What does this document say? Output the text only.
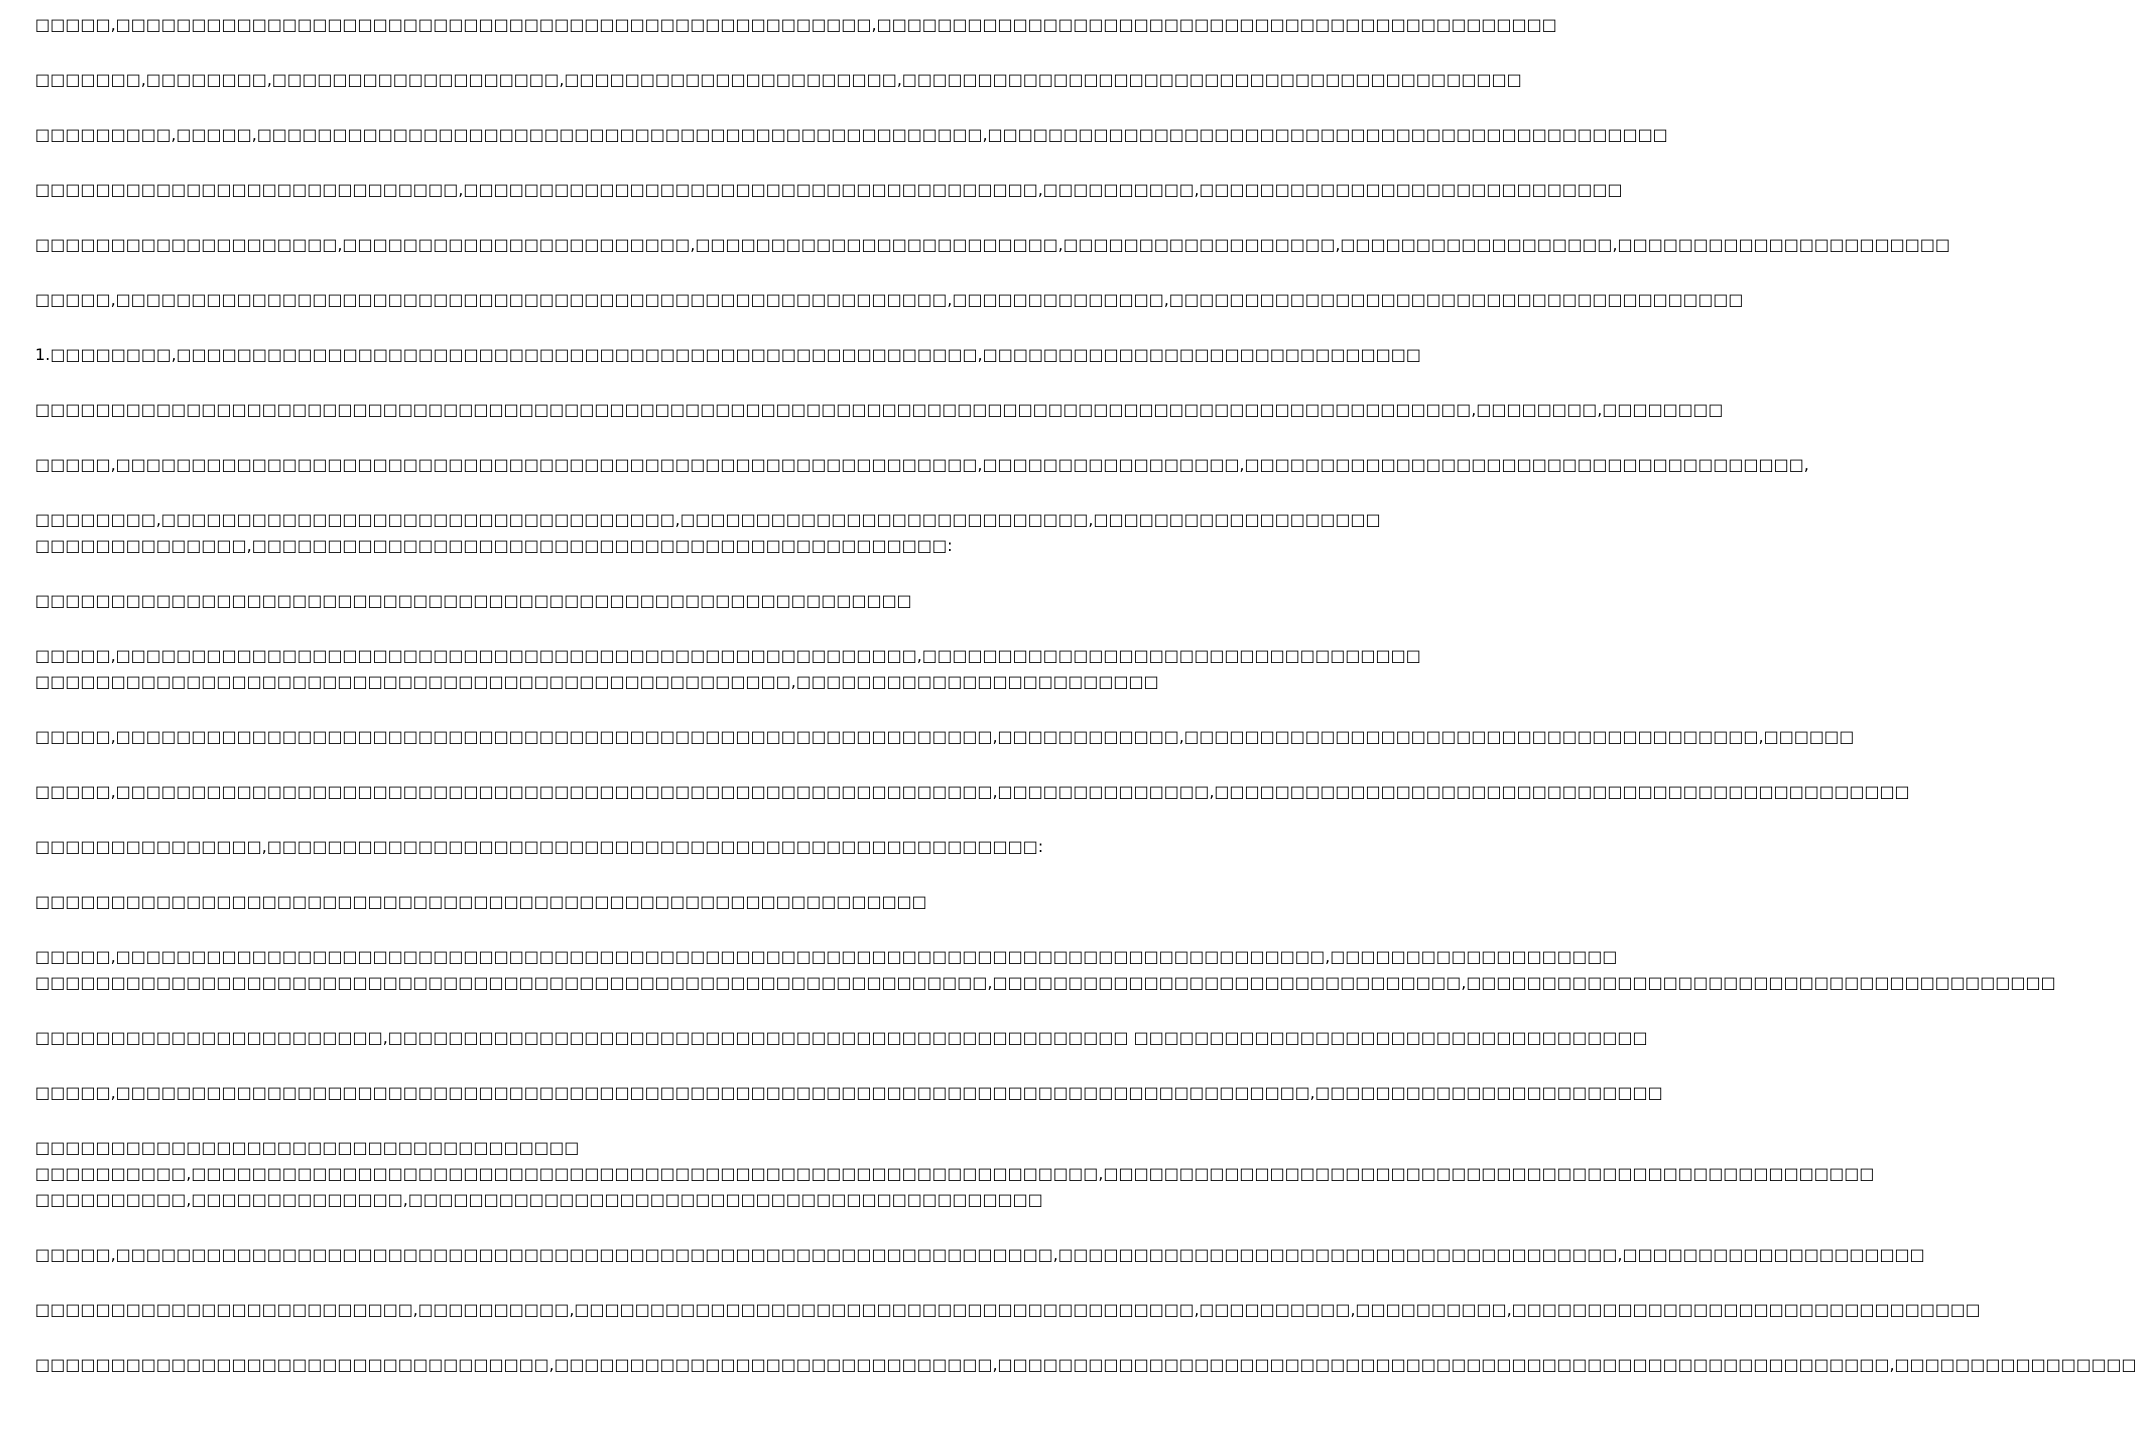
□□□□□,□□□□□□□□□□□□□□□□□□□□□□□□□□□□□□□□□□□□□□□□□□□□□□□□□□,□□□□□□□□□□□□□□□□□□□□□□□□□□□□□□□□□□□□□□□□□□□□□
□□□□□□□,□□□□□□□□,□□□□□□□□□□□□□□□□□□□,□□□□□□□□□□□□□□□□□□□□□□,□□□□□□□□□□□□□□□□□□□□□□□□□□□□□□□□□□□□□□□□□
□□□□□□□□□,□□□□□,□□□□□□□□□□□□□□□□□□□□□□□□□□□□□□□□□□□□□□□□□□□□□□□□,□□□□□□□□□□□□□□□□□□□□□□□□□□□□□□□□□□□□□□□□□□□□□
□□□□□□□□□□□□□□□□□□□□□□□□□□□□,□□□□□□□□□□□□□□□□□□□□□□□□□□□□□□□□□□□□□□,□□□□□□□□□□,□□□□□□□□□□□□□□□□□□□□□□□□□□□□
□□□□□□□□□□□□□□□□□□□□,□□□□□□□□□□□□□□□□□□□□□□□,□□□□□□□□□□□□□□□□□□□□□□□□,□□□□□□□□□□□□□□□□□□,□□□□□□□□□□□□□□□□□□,□□□□□□□□□□□□□□□□□□□□□□
□□□□□,□□□□□□□□□□□□□□□□□□□□□□□□□□□□□□□□□□□□□□□□□□□□□□□□□□□□□□□,□□□□□□□□□□□□□□,□□□□□□□□□□□□□□□□□□□□□□□□□□□□□□□□□□□□□□
1.□□□□□□□□,□□□□□□□□□□□□□□□□□□□□□□□□□□□□□□□□□□□□□□□□□□□□□□□□□□□□□,□□□□□□□□□□□□□□□□□□□□□□□□□□□□□
□□□□□□□□□□□□□□□□□□□□□□□□□□□□□□□□□□□□□□□□□□□□□□□□□□□□□□□□□□□□□□□□□□□□□□□□□□□□□□□□□□□□□□□□□□□□□□□,□□□□□□□□,□□□□□□□□
□□□□□,□□□□□□□□□□□□□□□□□□□□□□□□□□□□□□□□□□□□□□□□□□□□□□□□□□□□□□□□□,□□□□□□□□□□□□□□□□□,□□□□□□□□□□□□□□□□□□□□□□□□□□□□□□□□□□□□□,
□□□□□□□□,□□□□□□□□□□□□□□□□□□□□□□□□□□□□□□□□□□,□□□□□□□□□□□□□□□□□□□□□□□□□□□,□□□□□□□□□□□□□□□□□□□
□□□□□□□□□□□□□□,□□□□□□□□□□□□□□□□□□□□□□□□□□□□□□□□□□□□□□□□□□□□□□:
□□□□□□□□□□□□□□□□□□□□□□□□□□□□□□□□□□□□□□□□□□□□□□□□□□□□□□□□□□
□□□□□,□□□□□□□□□□□□□□□□□□□□□□□□□□□□□□□□□□□□□□□□□□□□□□□□□□□□□,□□□□□□□□□□□□□□□□□□□□□□□□□□□□□□□□□
□□□□□□□□□□□□□□□□□□□□□□□□□□□□□□□□□□□□□□□□□□□□□□□□□□,□□□□□□□□□□□□□□□□□□□□□□□□
□□□□□,□□□□□□□□□□□□□□□□□□□□□□□□□□□□□□□□□□□□□□□□□□□□□□□□□□□□□□□□□□,□□□□□□□□□□□□,□□□□□□□□□□□□□□□□□□□□□□□□□□□□□□□□□□□□□□,□□□□□□
□□□□□,□□□□□□□□□□□□□□□□□□□□□□□□□□□□□□□□□□□□□□□□□□□□□□□□□□□□□□□□□□,□□□□□□□□□□□□□□,□□□□□□□□□□□□□□□□□□□□□□□□□□□□□□□□□□□□□□□□□□□□□□
□□□□□□□□□□□□□□□,□□□□□□□□□□□□□□□□□□□□□□□□□□□□□□□□□□□□□□□□□□□□□□□□□□□:
□□□□□□□□□□□□□□□□□□□□□□□□□□□□□□□□□□□□□□□□□□□□□□□□□□□□□□□□□□□
□□□□□,□□□□□□□□□□□□□□□□□□□□□□□□□□□□□□□□□□□□□□□□□□□□□□□□□□□□□□□□□□□□□□□□□□□□□□□□□□□□□□□□,□□□□□□□□□□□□□□□□□□□
□□□□□□□□□□□□□□□□□□□□□□□□□□□□□□□□□□□□□□□□□□□□□□□□□□□□□□□□□□□□□□□,□□□□□□□□□□□□□□□□□□□□□□□□□□□□□□□,□□□□□□□□□□□□□□□□□□□□□□□□□□□□□□□□□□□□□□□
□□□□□□□□□□□□□□□□□□□□□□□,□□□□□□□□□□□□□□□□□□□□□□□□□□□□□□□□□□□□□□□□□□□□□□□□□ □□□□□□□□□□□□□□□□□□□□□□□□□□□□□□□□□□
□□□□□,□□□□□□□□□□□□□□□□□□□□□□□□□□□□□□□□□□□□□□□□□□□□□□□□□□□□□□□□□□□□□□□□□□□□□□□□□□□□□□□,□□□□□□□□□□□□□□□□□□□□□□□
□□□□□□□□□□□□□□□□□□□□□□□□□□□□□□□□□□□□
□□□□□□□□□□,□□□□□□□□□□□□□□□□□□□□□□□□□□□□□□□□□□□□□□□□□□□□□□□□□□□□□□□□□□□□,□□□□□□□□□□□□□□□□□□□□□□□□□□□□□□□□□□□□□□□□□□□□□□□□□□□
□□□□□□□□□□,□□□□□□□□□□□□□□,□□□□□□□□□□□□□□□□□□□□□□□□□□□□□□□□□□□□□□□□□□
□□□□□,□□□□□□□□□□□□□□□□□□□□□□□□□□□□□□□□□□□□□□□□□□□□□□□□□□□□□□□□□□□□□□,□□□□□□□□□□□□□□□□□□□□□□□□□□□□□□□□□□□□□,□□□□□□□□□□□□□□□□□□□□
□□□□□□□□□□□□□□□□□□□□□□□□□,□□□□□□□□□□,□□□□□□□□□□□□□□□□□□□□□□□□□□□□□□□□□□□□□□□□□,□□□□□□□□□□,□□□□□□□□□□,□□□□□□□□□□□□□□□□□□□□□□□□□□□□□□□
□□□□□□□□□□□□□□□□□□□□□□□□□□□□□□□□□□,□□□□□□□□□□□□□□□□□□□□□□□□□□□□□,□□□□□□□□□□□□□□□□□□□□□□□□□□□□□□□□□□□□□□□□□□□□□□□□□□□□□□□□□□□,□□□□□□□□□□□□□□□□
